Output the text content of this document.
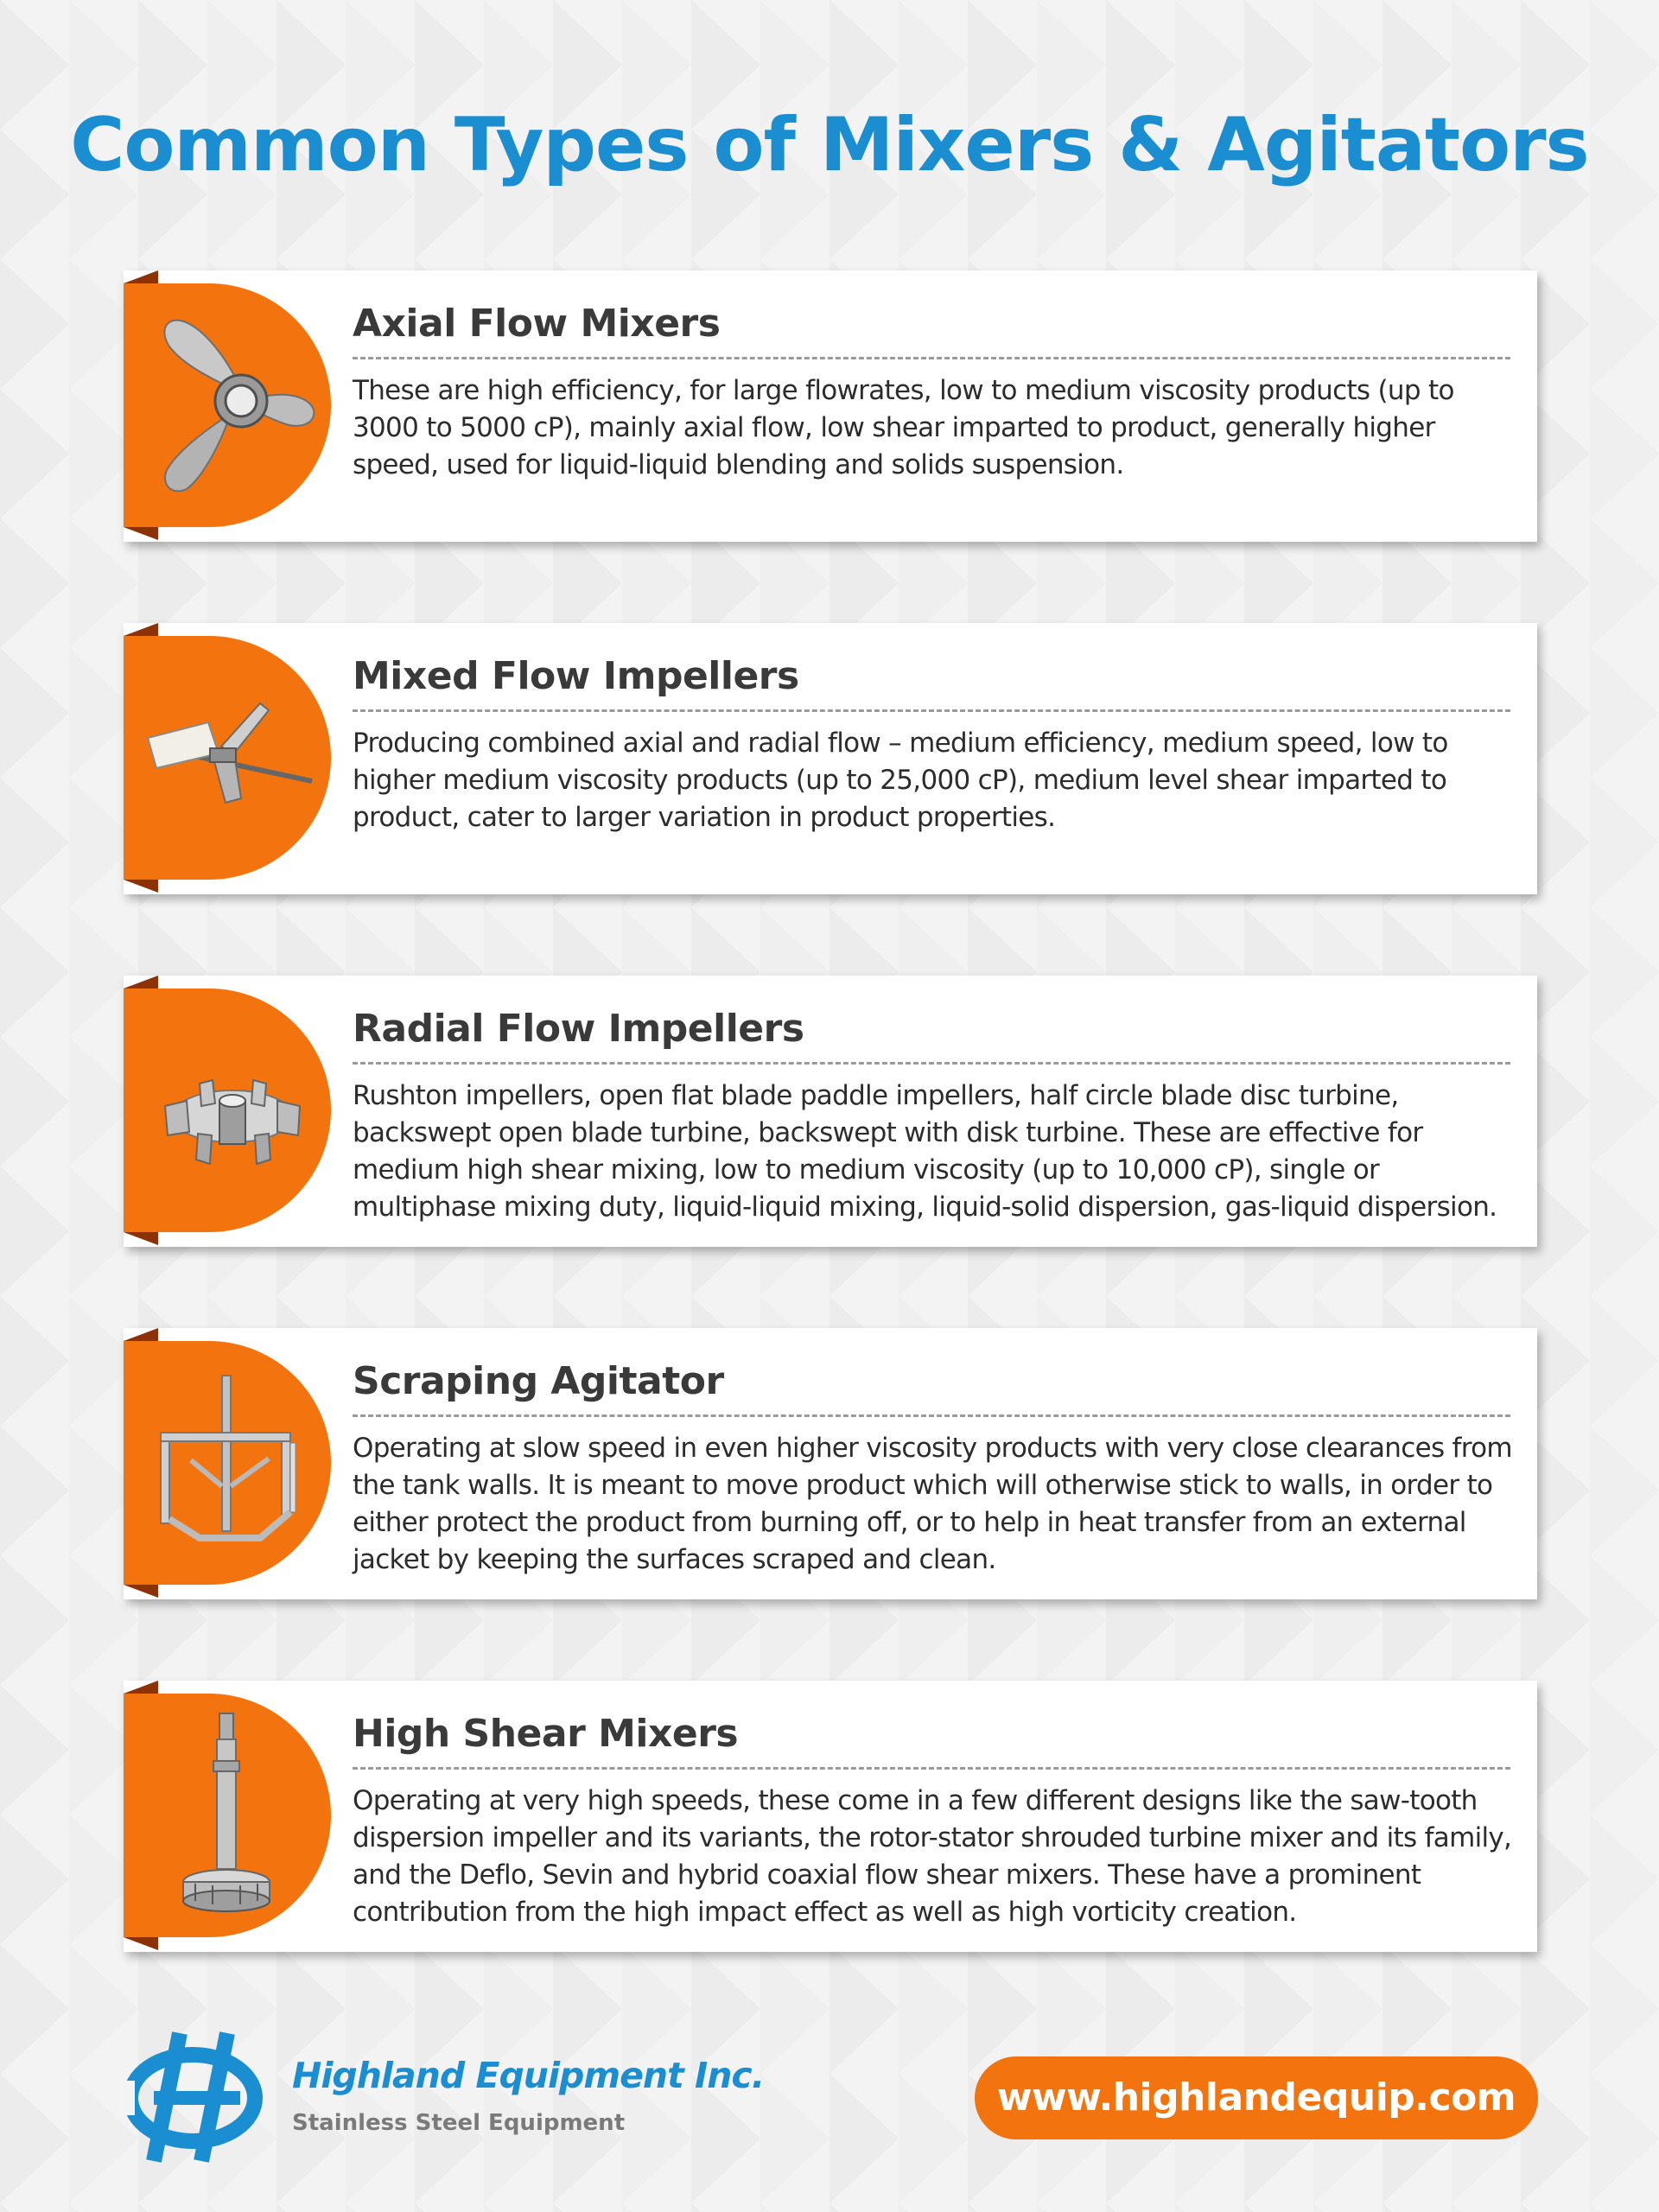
Common Types of Mixers & Agitators
Axial Flow Mixers
These are high efficiency, for large flowrates, low to medium viscosity products (up to 3000 to 5000 cP), mainly axial flow, low shear imparted to product, generally higher speed, used for liquid-liquid blending and solids suspension.
Mixed Flow Impellers
Producing combined axial and radial flow – medium efficiency, medium speed, low to higher medium viscosity products (up to 25,000 cP), medium level shear imparted to product, cater to larger variation in product properties.
Radial Flow Impellers
Rushton impellers, open flat blade paddle impellers, half circle blade disc turbine, backswept open blade turbine, backswept with disk turbine. These are effective for medium high shear mixing, low to medium viscosity (up to 10,000 cP), single or multiphase mixing duty, liquid-liquid mixing, liquid-solid dispersion, gas-liquid dispersion.
Scraping Agitator
Operating at slow speed in even higher viscosity products with very close clearances from the tank walls. It is meant to move product which will otherwise stick to walls, in order to either protect the product from burning off, or to help in heat transfer from an external jacket by keeping the surfaces scraped and clean.
High Shear Mixers
Operating at very high speeds, these come in a few different designs like the saw-tooth dispersion impeller and its variants, the rotor-stator shrouded turbine mixer and its family, and the Deflo, Sevin and hybrid coaxial flow shear mixers. These have a prominent contribution from the high impact effect as well as high vorticity creation.
Highland Equipment Inc.
Stainless Steel Equipment
www.highlandequip.com
